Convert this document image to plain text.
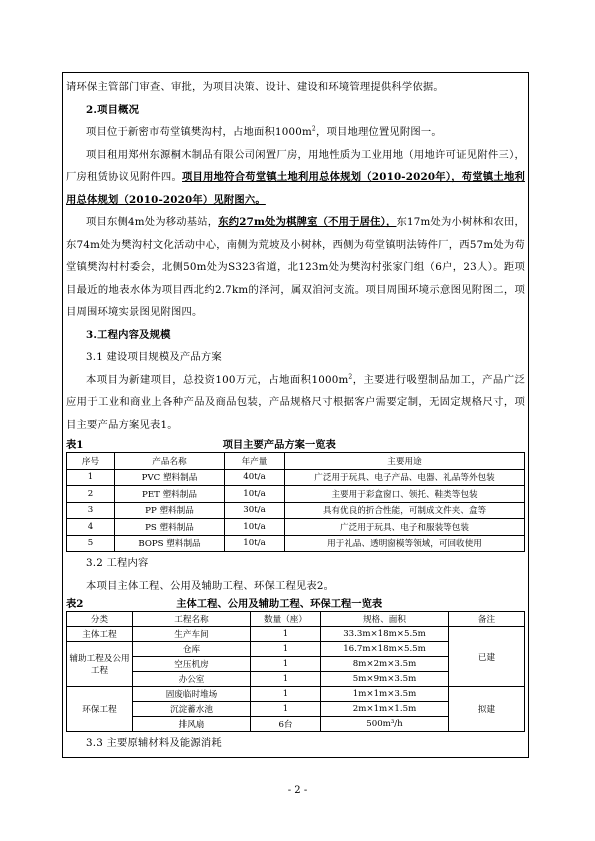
请环保主管部门审查、审批，为项目决策、设计、建设和环境管理提供科学依据。

2.项目概况

项目位于新密市苟堂镇樊沟村，占地面积$1000m^2$，项目地理位置见附图一。

项目租用郑州东源桐木制品有限公司闲置厂房，用地性质为工业用地（用地许可证见附件三），厂房租赁协议见附件四。项目用地符合苟堂镇土地利用总体规划（2010-2020年），苟堂镇土地利用总体规划（2010-2020年）见附图六。

项目东侧4m处为移动基站，东约27m处为棋牌室（不用于居住），东17m处为小树林和农田，东74m处为樊沟村文化活动中心，南侧为荒坡及小树林，西侧为苟堂镇明法铸件厂，西57m处为苟堂镇樊沟村村委会，北侧50m处为S323省道，北123m处为樊沟村张家门组（6户，23人）。距项目最近的地表水体为项目西北约2.7km的泽河，属双洎河支流。项目周围环境示意图见附图二，项目周围环境实景图见附图四。

3.工程内容及规模

3.1 建设项目规模及产品方案

本项目为新建项目，总投资100万元，占地面积$1000m^2$，主要进行吸塑制品加工，产品广泛应用于工业和商业上各种产品及商品包装，产品规格尺寸根据客户需要定制，无固定规格尺寸，项目主要产品方案见表1。

表1	项目主要产品方案一览表
序号	产品名称	年产量	主要用途
1	PVC 塑料制品	40t/a	广泛用于玩具、电子产品、电器、礼品等外包装
2	PET 塑料制品	10t/a	主要用于彩盒窗口、领托、鞋类等包装
3	PP 塑料制品	30t/a	具有优良的折合性能，可制成文件夹、盒等
4	PS 塑料制品	10t/a	广泛用于玩具、电子和服装等包装
5	BOPS 塑料制品	10t/a	用于礼品、透明窗模等领域，可回收使用

3.2 工程内容

本项目主体工程、公用及辅助工程、环保工程见表2。

表2	主体工程、公用及辅助工程、环保工程一览表
分类	工程名称	数量（座）	规格、面积	备注
主体工程	生产车间	1	33.3m×18m×5.5m	已建
辅助工程及公用工程	仓库	1	16.7m×18m×5.5m	
	空压机房	1	8m×2m×3.5m	
	办公室	1	5m×9m×3.5m	
环保工程	固废临时堆场	1	1m×1m×3.5m	拟建
	沉淀蓄水池	1	2m×1m×1.5m	
	排风扇	6台	500m³/h	

3.3 主要原辅材料及能源消耗

- 2 -
